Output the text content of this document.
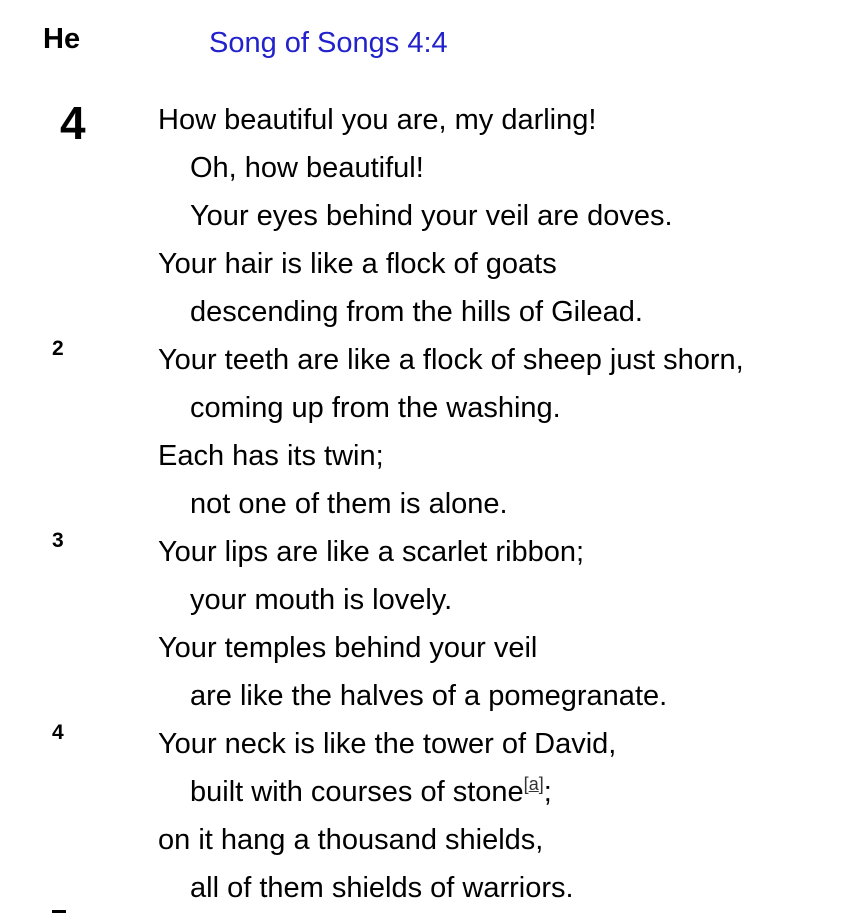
He	Song of Songs 4:4
4
2
3
4
How beautiful you are, my darling!
Oh, how beautiful!
Your eyes behind your veil are doves.
Your hair is like a flock of goats
descending from the hills of Gilead.
Your teeth are like a flock of sheep just shorn,
coming up from the washing.
Each has its twin;
not one of them is alone.
Your lips are like a scarlet ribbon;
your mouth is lovely.
Your temples behind your veil
are like the halves of a pomegranate.
Your neck is like the tower of David,
built with courses of stone[a];
on it hang a thousand shields,
all of them shields of warriors.
